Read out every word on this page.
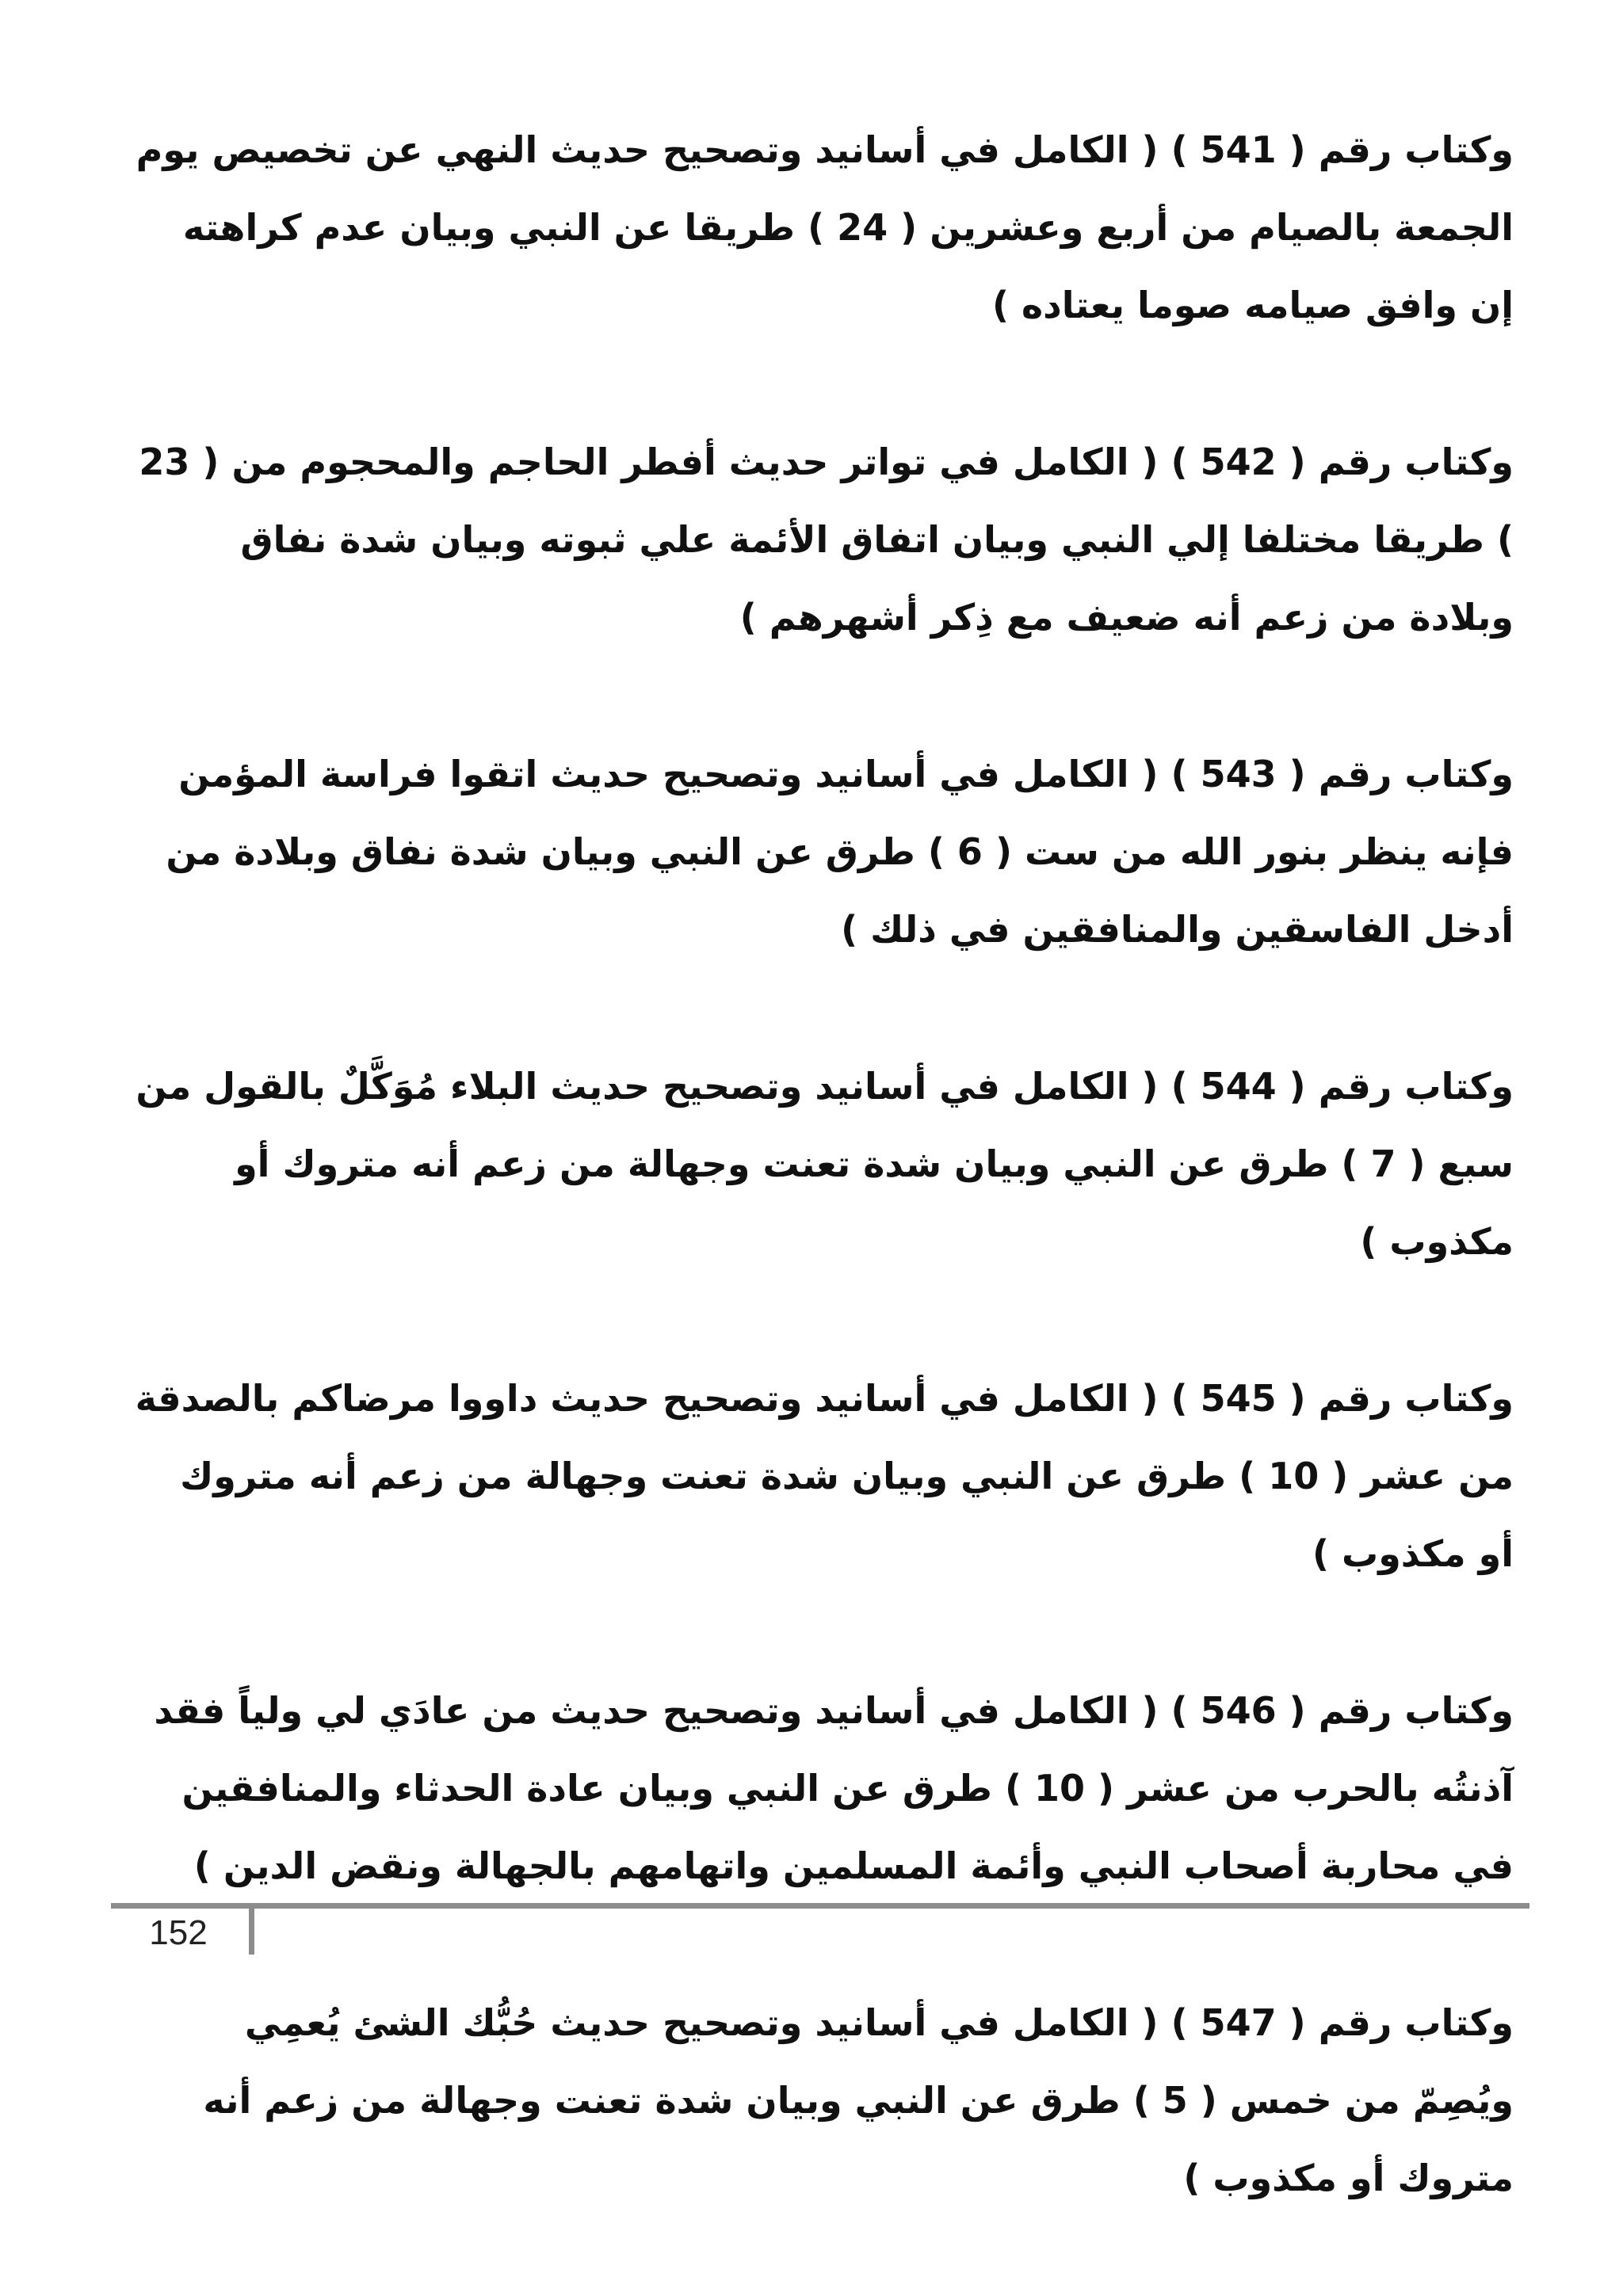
وكتاب رقم ( 541 ) ( الكامل في أسانيد وتصحيح حديث النهي عن تخصيص يوم الجمعة بالصيام من أربع وعشرين ( 24 ) طريقا عن النبي وبيان عدم كراهته إن وافق صيامه صوما يعتاده )

وكتاب رقم ( 542 ) ( الكامل في تواتر حديث أفطر الحاجم والمحجوم من ( 23 ) طريقا مختلفا إلي النبي وبيان اتفاق الأئمة علي ثبوته وبيان شدة نفاق وبلادة من زعم أنه ضعيف مع ذِكر أشهرهم )

وكتاب رقم ( 543 ) ( الكامل في أسانيد وتصحيح حديث اتقوا فراسة المؤمن فإنه ينظر بنور الله من ست ( 6 ) طرق عن النبي وبيان شدة نفاق وبلادة من أدخل الفاسقين والمنافقين في ذلك )

وكتاب رقم ( 544 ) ( الكامل في أسانيد وتصحيح حديث البلاء مُوَكَّلٌ بالقول من سبع ( 7 ) طرق عن النبي وبيان شدة تعنت وجهالة من زعم أنه متروك أو مكذوب )

وكتاب رقم ( 545 ) ( الكامل في أسانيد وتصحيح حديث داووا مرضاكم بالصدقة من عشر ( 10 ) طرق عن النبي وبيان شدة تعنت وجهالة من زعم أنه متروك أو مكذوب )

وكتاب رقم ( 546 ) ( الكامل في أسانيد وتصحيح حديث من عادَي لي ولياً فقد آذنتُه بالحرب من عشر ( 10 ) طرق عن النبي وبيان عادة الحدثاء والمنافقين في محاربة أصحاب النبي وأئمة المسلمين واتهامهم بالجهالة ونقض الدين )

وكتاب رقم ( 547 ) ( الكامل في أسانيد وتصحيح حديث حُبُّك الشئ يُعمِي ويُصِمّ من خمس ( 5 ) طرق عن النبي وبيان شدة تعنت وجهالة من زعم أنه متروك أو مكذوب )

152
